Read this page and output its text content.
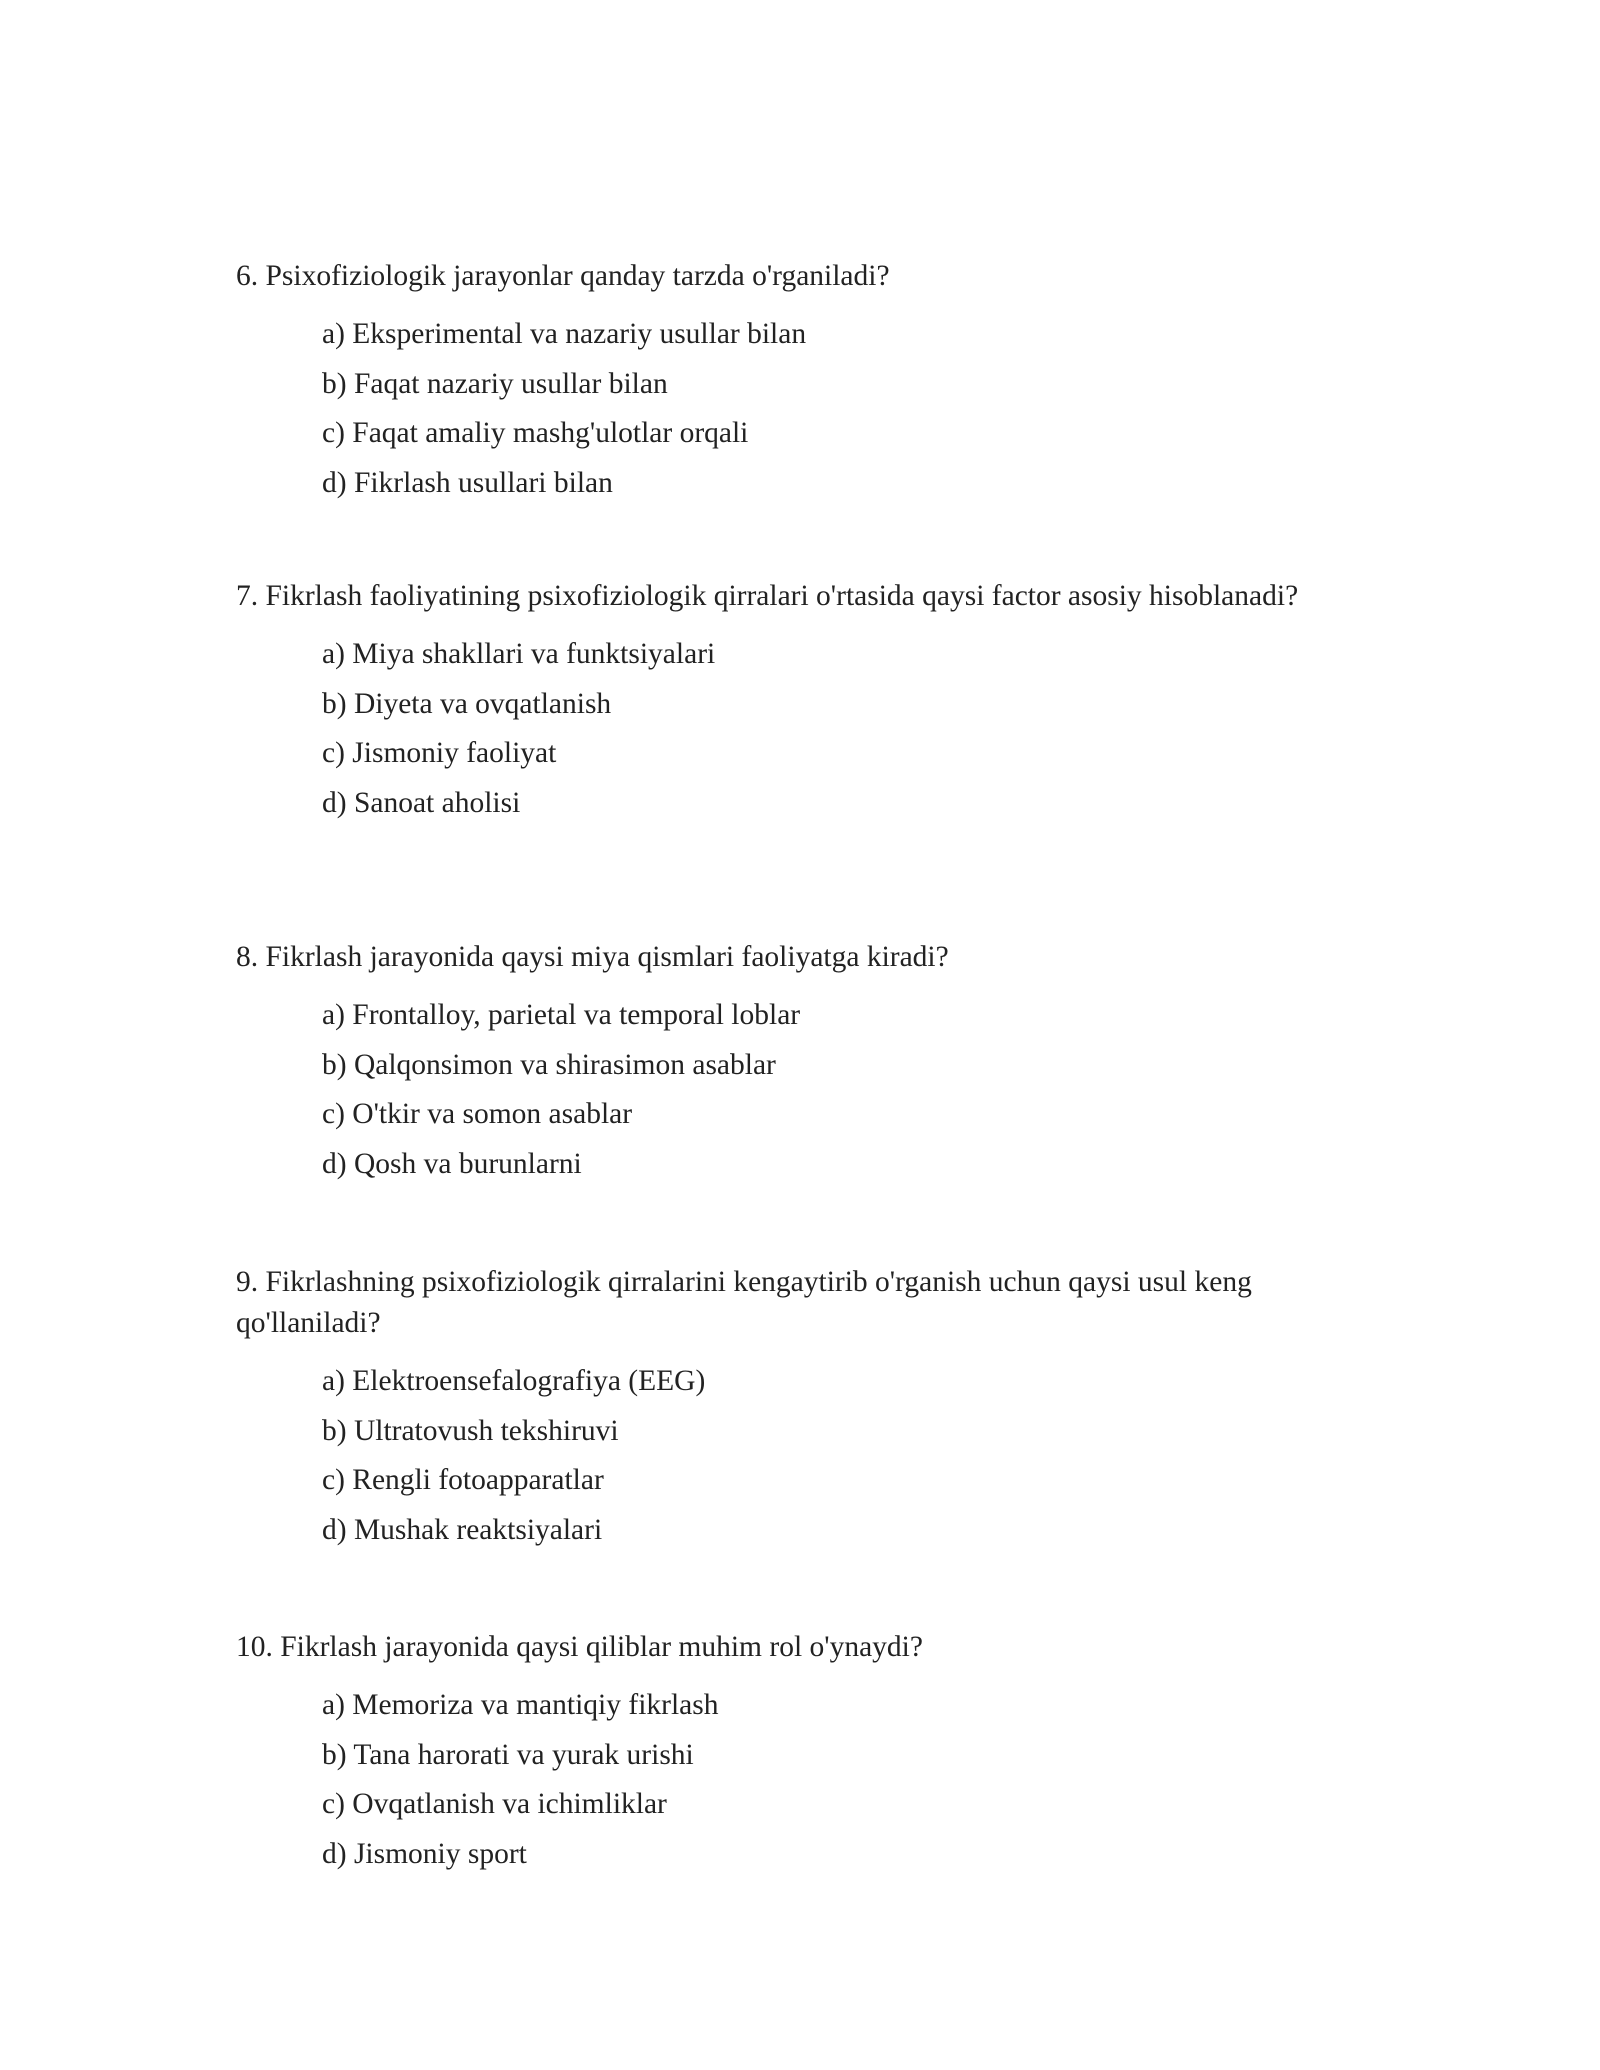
6. Psixofiziologik jarayonlar qanday tarzda o'rganiladi?

a) Eksperimental va nazariy usullar bilan
b) Faqat nazariy usullar bilan
c) Faqat amaliy mashg'ulotlar orqali
d) Fikrlash usullari bilan

7. Fikrlash faoliyatining psixofiziologik qirralari o'rtasida qaysi factor asosiy hisoblanadi?

a) Miya shakllari va funktsiyalari
b) Diyeta va ovqatlanish
c) Jismoniy faoliyat
d) Sanoat aholisi

8. Fikrlash jarayonida qaysi miya qismlari faoliyatga kiradi?

a) Frontalloy, parietal va temporal loblar
b) Qalqonsimon va shirasimon asablar
c) O'tkir va somon asablar
d) Qosh va burunlarni

9. Fikrlashning psixofiziologik qirralarini kengaytirib o'rganish uchun qaysi usul keng qo'llaniladi?

a) Elektroensefalografiya (EEG)
b) Ultratovush tekshiruvi
c) Rengli fotoapparatlar
d) Mushak reaktsiyalari

10. Fikrlash jarayonida qaysi qiliblar muhim rol o'ynaydi?

a) Memoriza va mantiqiy fikrlash
b) Tana harorati va yurak urishi
c) Ovqatlanish va ichimliklar
d) Jismoniy sport
